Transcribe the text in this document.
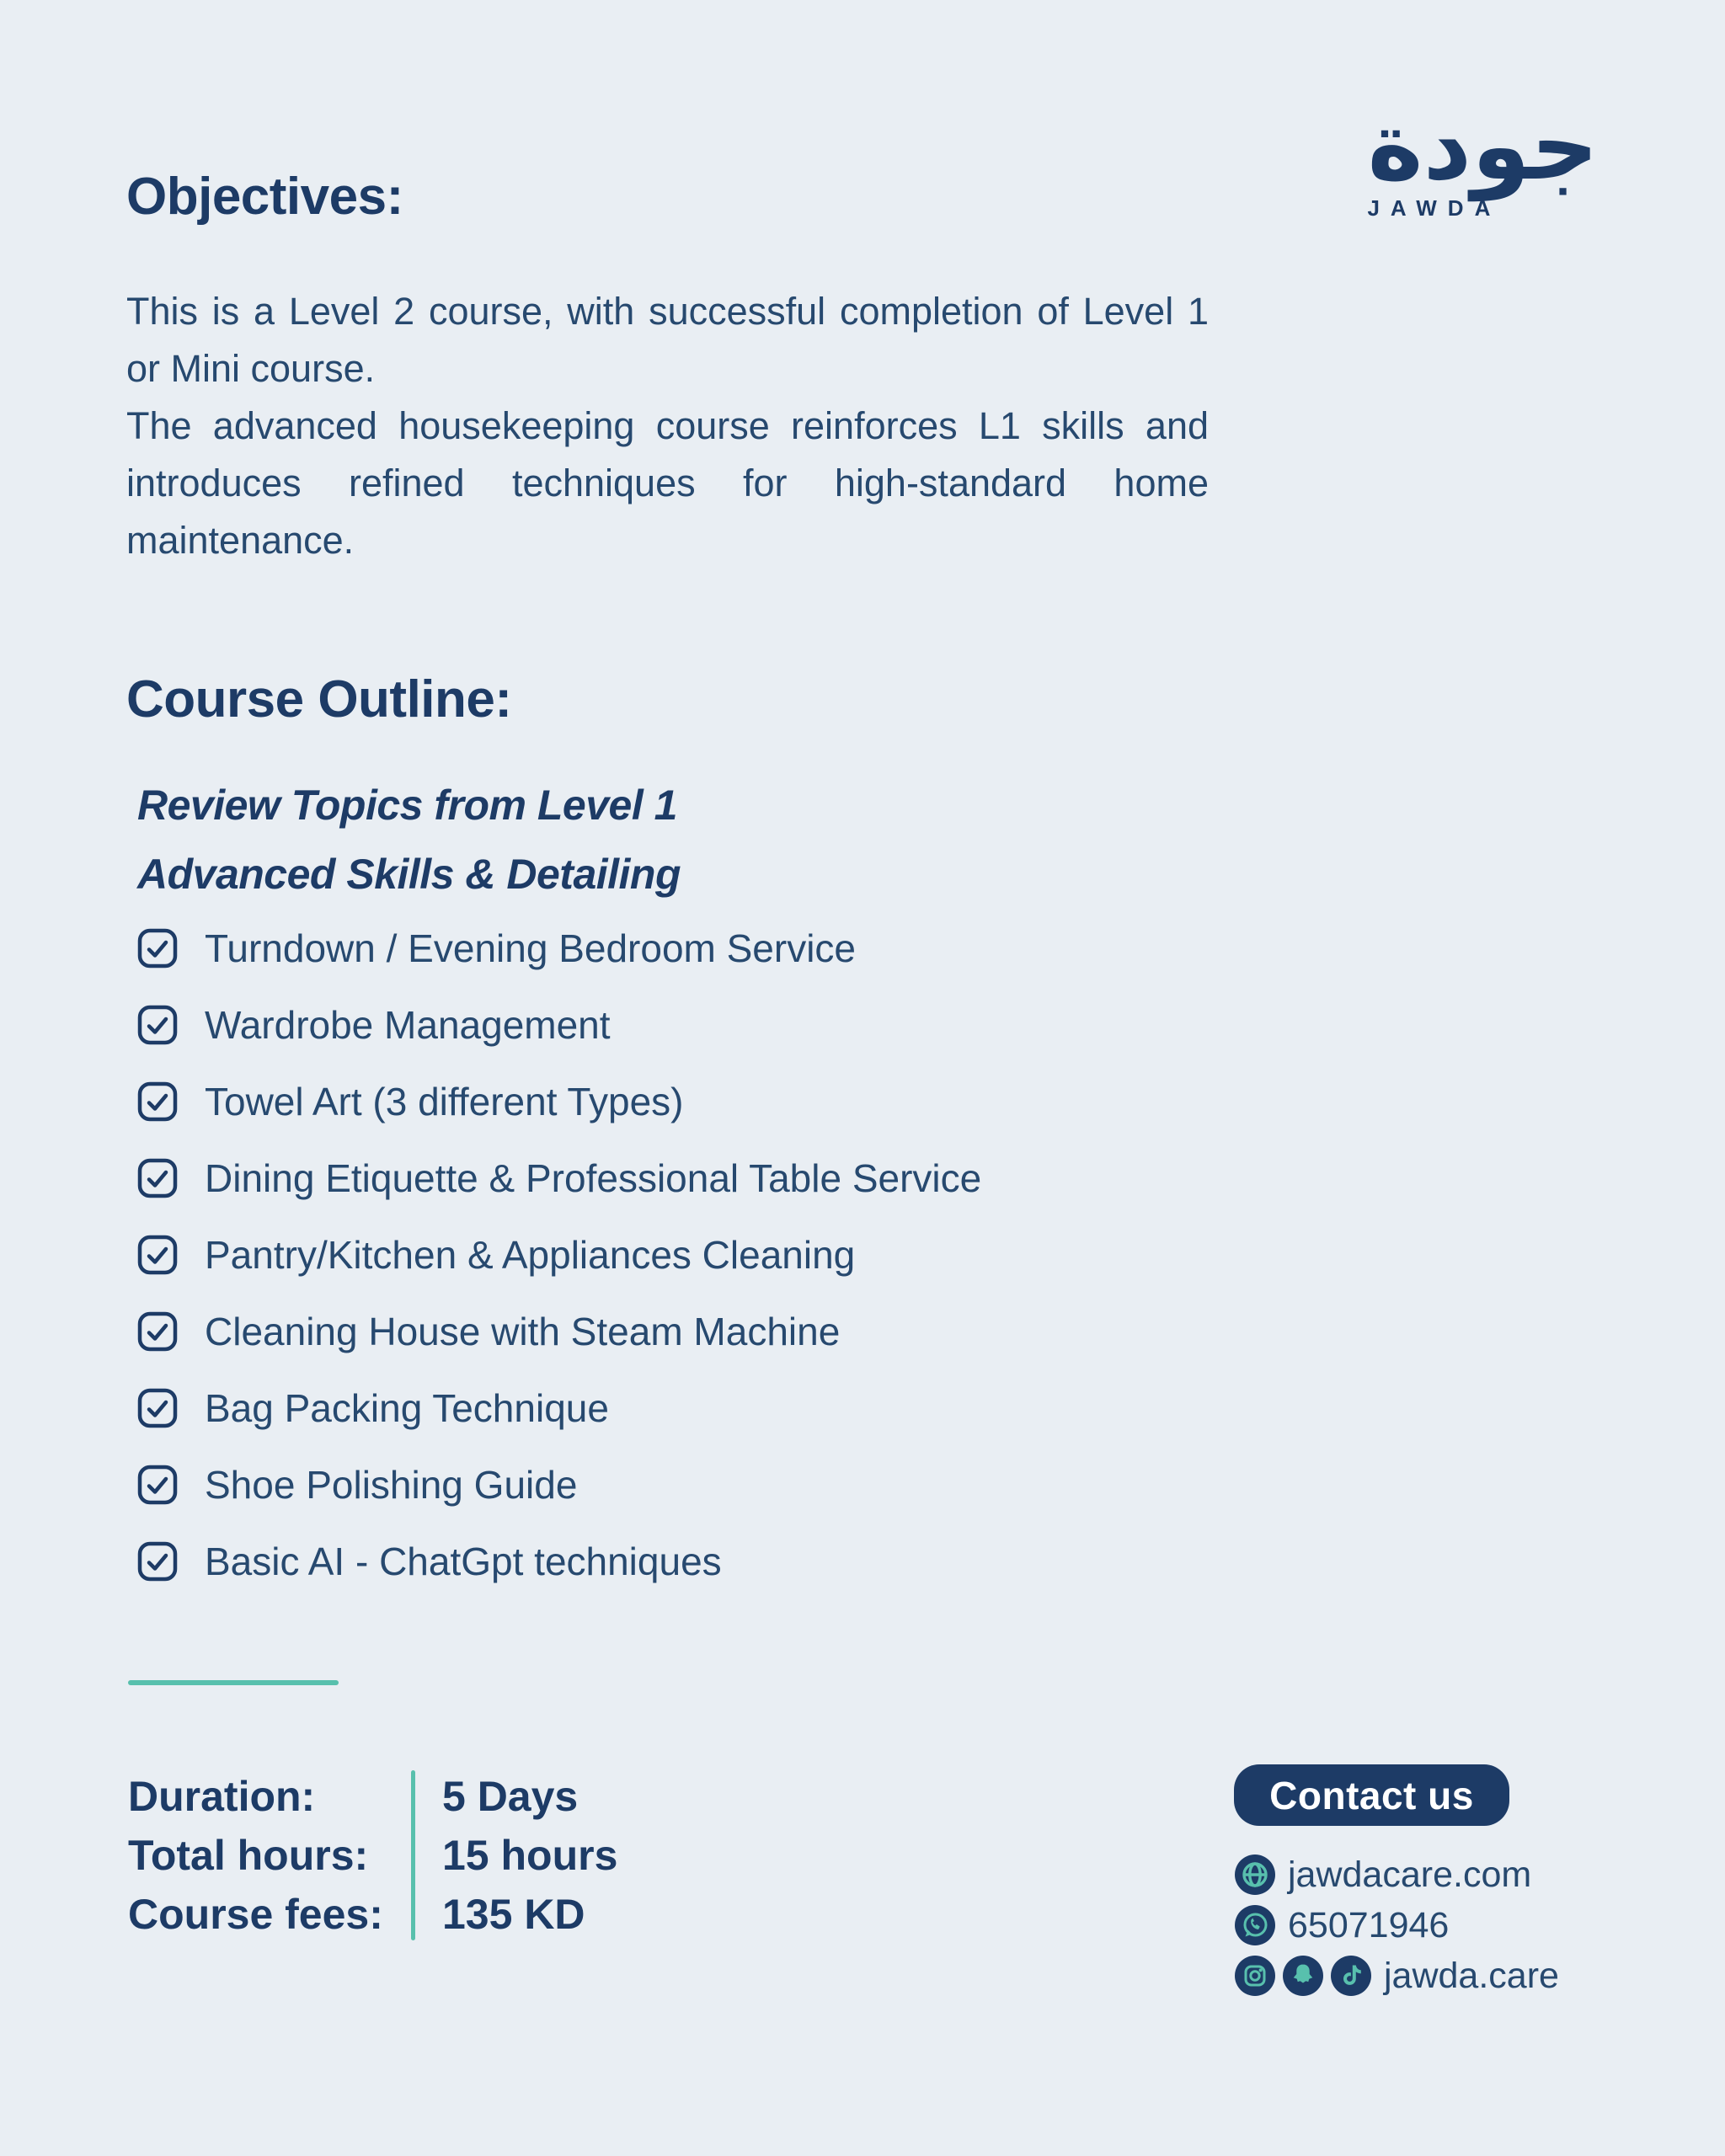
جودة
JAWDA
Objectives:

This is a Level 2 course, with successful completion of Level 1 or Mini course.

The advanced housekeeping course reinforces L1 skills and introduces refined techniques for high-standard home maintenance.

Course Outline:
Review Topics from Level 1
Advanced Skills & Detailing
Turndown / Evening Bedroom Service
Wardrobe Management
Towel Art (3 different Types)
Dining Etiquette & Professional Table Service
Pantry/Kitchen & Appliances Cleaning
Cleaning House with Steam Machine
Bag Packing Technique
Shoe Polishing Guide
Basic AI - ChatGpt techniques
Duration:
Total hours:
Course fees:
5 Days
15 hours
135 KD
Contact us
jawdacare.com
65071946
jawda.care
